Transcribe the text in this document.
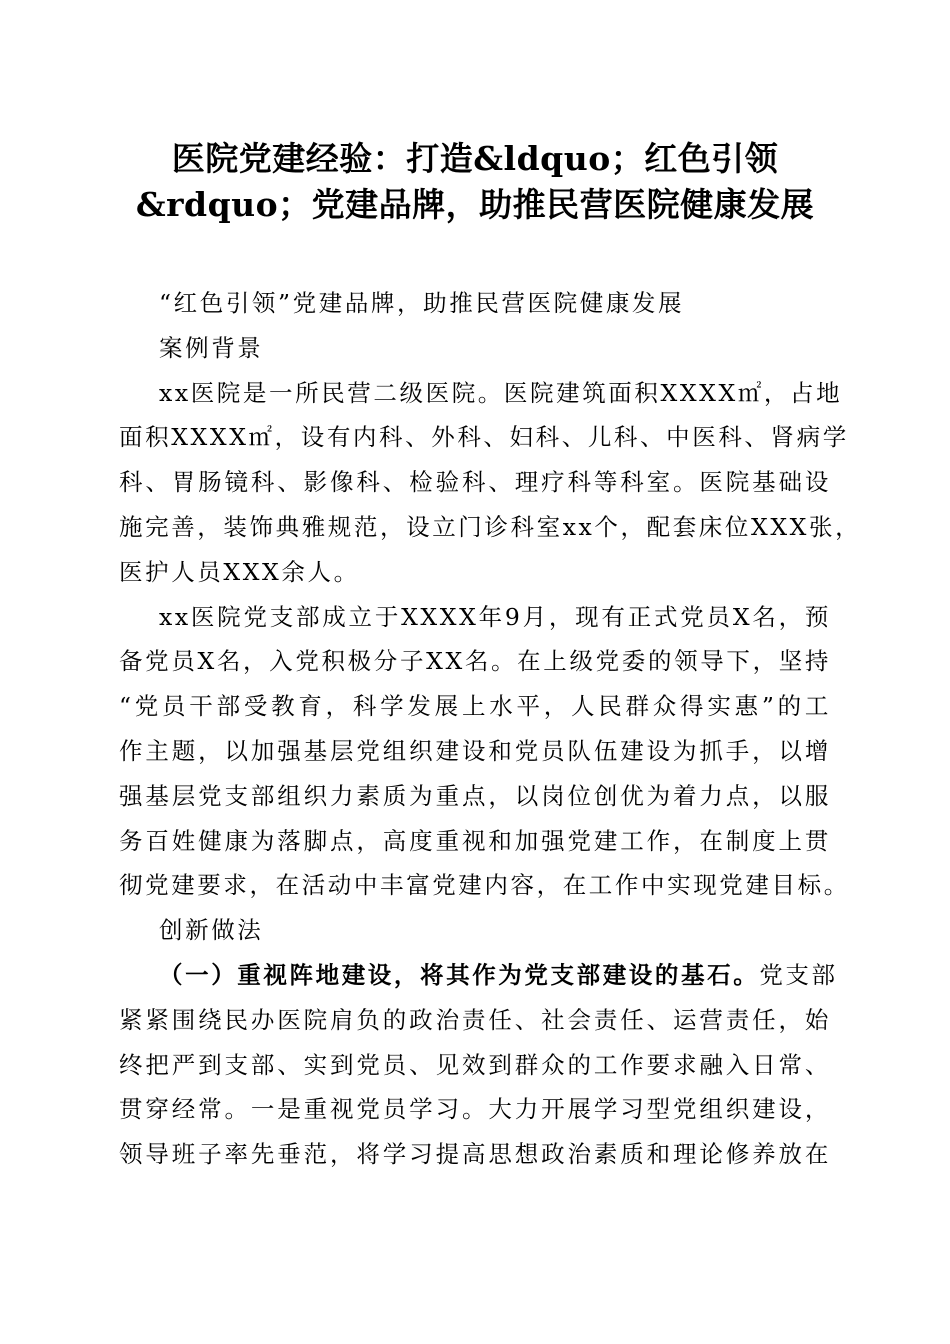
医院党建经验：打造&ldquo；红色引领
&rdquo；党建品牌，助推民营医院健康发展
“红色引领”党建品牌，助推民营医院健康发展
案例背景
xx医院是一所民营二级医院。医院建筑面积XXXX㎡，占地
面积XXXX㎡，设有内科、外科、妇科、儿科、中医科、肾病学
科、胃肠镜科、影像科、检验科、理疗科等科室。医院基础设
施完善，装饰典雅规范，设立门诊科室xx个，配套床位XXX张，
医护人员XXX余人。
xx医院党支部成立于XXXX年9月，现有正式党员X名，预
备党员X名，入党积极分子XX名。在上级党委的领导下，坚持
“党员干部受教育，科学发展上水平，人民群众得实惠”的工
作主题，以加强基层党组织建设和党员队伍建设为抓手，以增
强基层党支部组织力素质为重点，以岗位创优为着力点，以服
务百姓健康为落脚点，高度重视和加强党建工作，在制度上贯
彻党建要求，在活动中丰富党建内容，在工作中实现党建目标。
创新做法
（一）重视阵地建设，将其作为党支部建设的基石。党支部
紧紧围绕民办医院肩负的政治责任、社会责任、运营责任，始
终把严到支部、实到党员、见效到群众的工作要求融入日常、
贯穿经常。一是重视党员学习。大力开展学习型党组织建设，
领导班子率先垂范，将学习提高思想政治素质和理论修养放在
